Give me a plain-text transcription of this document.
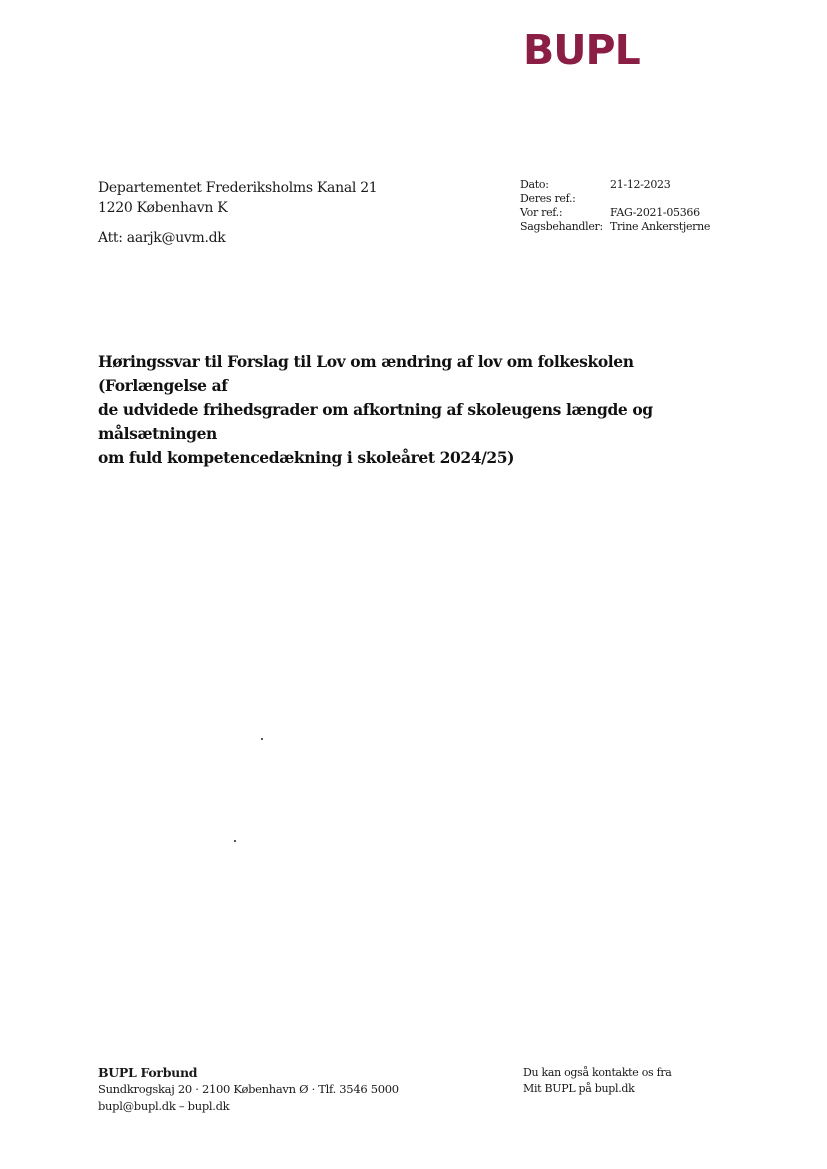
BUPL
Departementet Frederiksholms Kanal 21
1220 København K
Att: aarjk@uvm.dk
Dato:	21-12-2023
Deres ref.:
Vor ref.:	FAG-2021-05366
Sagsbehandler: Trine Ankerstjerne
Høringssvar til Forslag til Lov om ændring af lov om folkeskolen (Forlængelse af
de udvidede frihedsgrader om afkortning af skoleugens længde og målsætningen
om fuld kompetencedækning i skoleåret 2024/25)
BUPL Forbund
Sundkrogskaj 20 · 2100 København Ø · Tlf. 3546 5000
bupl@bupl.dk – bupl.dk
Du kan også kontakte os fra
Mit BUPL på bupl.dk
